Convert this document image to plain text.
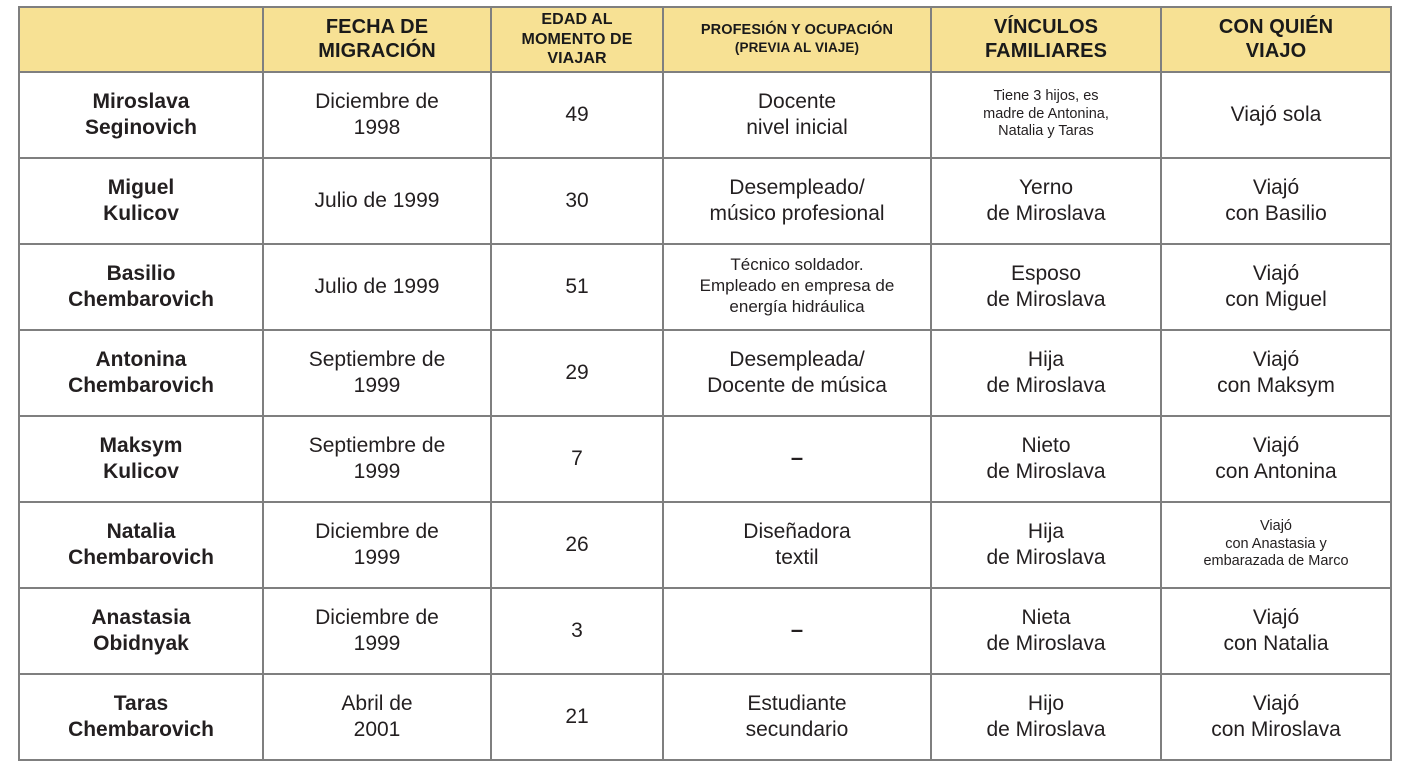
	FECHA DE
MIGRACIÓN	EDAD AL
MOMENTO DE
VIAJAR	PROFESIÓN Y OCUPACIÓN
(PREVIA AL VIAJE)	VÍNCULOS
FAMILIARES	CON QUIÉN
VIAJO

Miroslava
Seginovich	Diciembre de
1998	49	Docente
nivel inicial	Tiene 3 hijos, es
madre de Antonina,
Natalia y Taras	Viajó sola

Miguel
Kulicov	Julio de 1999	30	Desempleado/
músico profesional	Yerno
de Miroslava	Viajó
con Basilio

Basilio
Chembarovich	Julio de 1999	51	Técnico soldador.
Empleado en empresa de
energía hidráulica	Esposo
de Miroslava	Viajó
con Miguel

Antonina
Chembarovich	Septiembre de
1999	29	Desempleada/
Docente de música	Hija
de Miroslava	Viajó
con Maksym

Maksym
Kulicov	Septiembre de
1999	7	–	Nieto
de Miroslava	Viajó
con Antonina

Natalia
Chembarovich	Diciembre de
1999	26	Diseñadora
textil	Hija
de Miroslava	Viajó
con Anastasia y
embarazada de Marco

Anastasia
Obidnyak	Diciembre de
1999	3	–	Nieta
de Miroslava	Viajó
con Natalia

Taras
Chembarovich	Abril de
2001	21	Estudiante
secundario	Hijo
de Miroslava	Viajó
con Miroslava
